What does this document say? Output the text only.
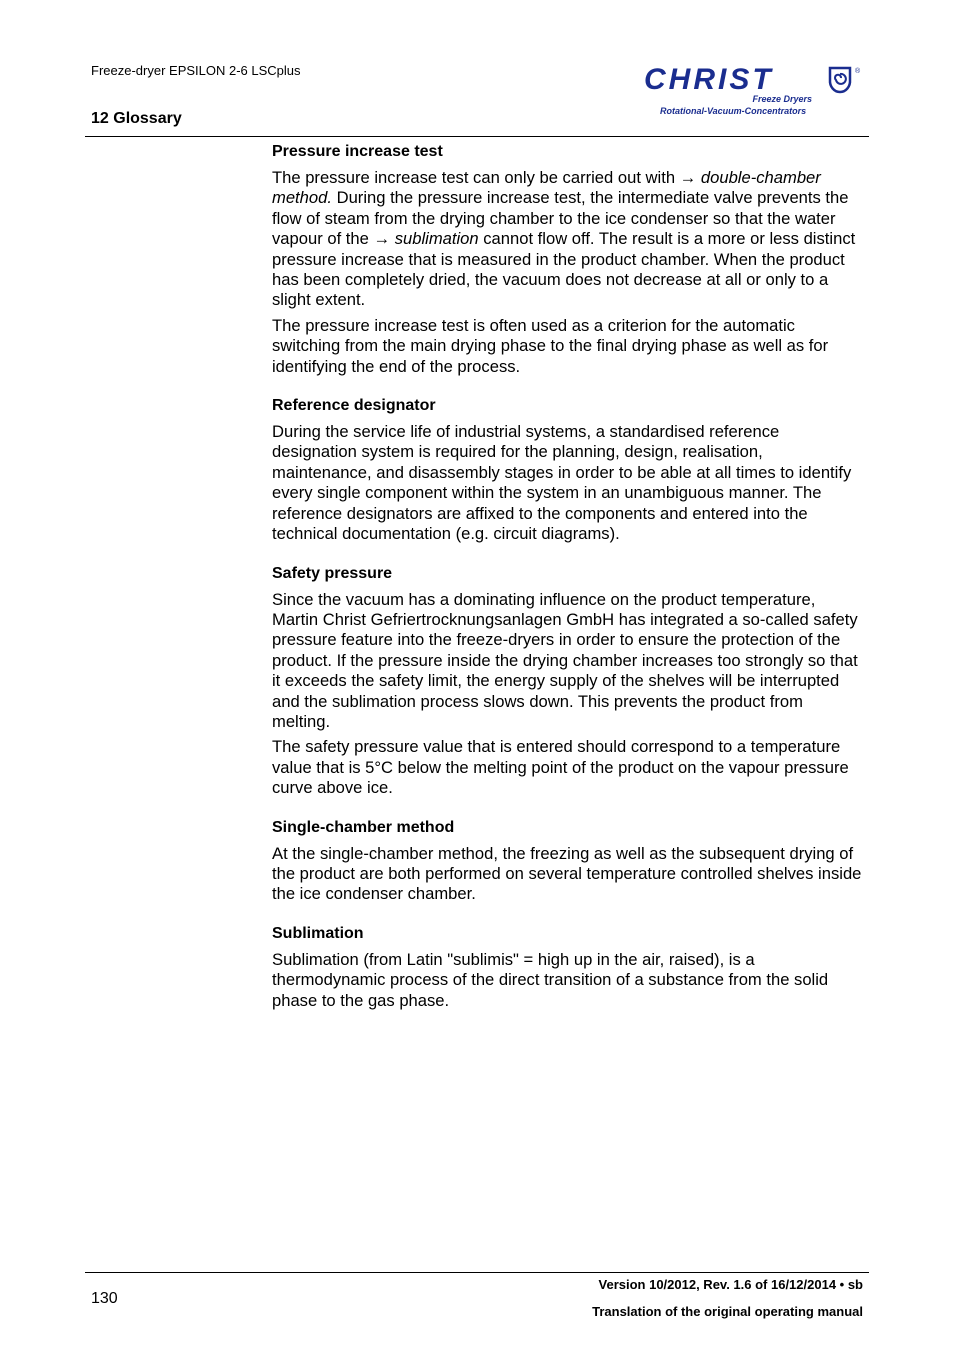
Freeze-dryer EPSILON 2-6 LSCplus
12 Glossary
CHRIST	®
Freeze Dryers
Rotational-Vacuum-Concentrators
Pressure increase test

The pressure increase test can only be carried out with → double-chamber method. During the pressure increase test, the intermediate valve prevents the flow of steam from the drying chamber to the ice condenser so that the water vapour of the → sublimation cannot flow off. The result is a more or less distinct pressure increase that is measured in the product chamber. When the product has been completely dried, the vacuum does not decrease at all or only to a slight extent.

The pressure increase test is often used as a criterion for the automatic switching from the main drying phase to the final drying phase as well as for identifying the end of the process.

Reference designator

During the service life of industrial systems, a standardised reference designation system is required for the planning, design, realisation, maintenance, and disassembly stages in order to be able at all times to identify every single component within the system in an unambiguous manner. The reference designators are affixed to the components and entered into the technical documentation (e.g. circuit diagrams).

Safety pressure

Since the vacuum has a dominating influence on the product temperature, Martin Christ Gefriertrocknungsanlagen GmbH has integrated a so-called safety pressure feature into the freeze-dryers in order to ensure the protection of the product. If the pressure inside the drying chamber increases too strongly so that it exceeds the safety limit, the energy supply of the shelves will be interrupted and the sublimation process slows down. This prevents the product from melting.

The safety pressure value that is entered should correspond to a temperature value that is 5°C below the melting point of the product on the vapour pressure curve above ice.

Single-chamber method

At the single-chamber method, the freezing as well as the subsequent drying of the product are both performed on several temperature controlled shelves inside the ice condenser chamber.

Sublimation

Sublimation (from Latin "sublimis" = high up in the air, raised), is a thermodynamic process of the direct transition of a substance from the solid phase to the gas phase.

130
Version 10/2012, Rev. 1.6 of 16/12/2014 • sb
Translation of the original operating manual
